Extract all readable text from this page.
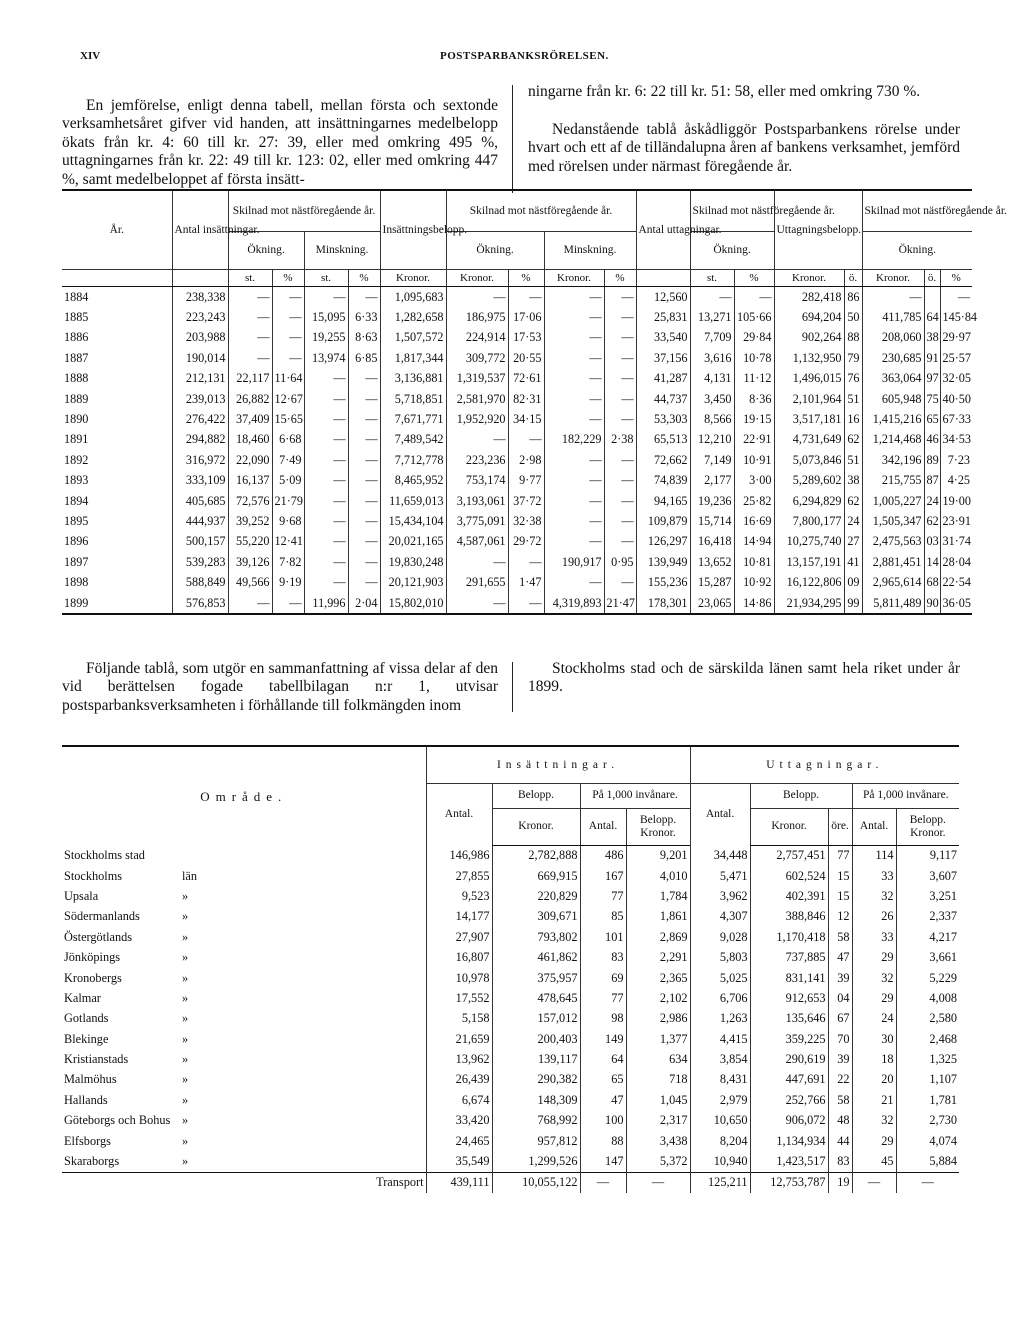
XIV	POSTSPARBANKSRÖRELSEN.
En jemförelse, enligt denna tabell, mellan första och sextonde verksamhetsåret gifver vid handen, att insättningarnes medelbelopp ökats från kr. 4: 60 till kr. 27: 39, eller med omkring 495 %, uttagningarnes från kr. 22: 49 till kr. 123: 02, eller med omkring 447 %, samt medelbeloppet af första insätt-
ningarne från kr. 6: 22 till kr. 51: 58, eller med omkring 730 %.
Nedanstående tablå åskådliggör Postsparbankens rörelse under hvart och ett af de tilländalupna åren af bankens verksamhet, jemförd med rörelsen under närmast föregående år.
År.	Antal insättningar.	Skilnad mot nästföregående år.				Insättningsbelopp.	Skilnad mot nästföregående år.				Antal uttagningar.	Skilnad mot nästföregående år.		Uttagningsbelopp.		Skilnad mot nästföregående år.		
		Ökning.		Minskning.			Ökning.		Minskning.			Ökning.				Ökning.		
		st.	%	st.	%	Kronor.	Kronor.	%	Kronor.	%		st.	%	Kronor.	ö.	Kronor.	ö.	%
1884	238,338	—	—	—	—	1,095,683	—	—	—	—	12,560	—	—	282,418	86	—		—
1885	223,243	—	—	15,095	6·33	1,282,658	186,975	17·06	—	—	25,831	13,271	105·66	694,204	50	411,785	64	145·84
1886	203,988	—	—	19,255	8·63	1,507,572	224,914	17·53	—	—	33,540	7,709	29·84	902,264	88	208,060	38	29·97
1887	190,014	—	—	13,974	6·85	1,817,344	309,772	20·55	—	—	37,156	3,616	10·78	1,132,950	79	230,685	91	25·57
1888	212,131	22,117	11·64	—	—	3,136,881	1,319,537	72·61	—	—	41,287	4,131	11·12	1,496,015	76	363,064	97	32·05
1889	239,013	26,882	12·67	—	—	5,718,851	2,581,970	82·31	—	—	44,737	3,450	8·36	2,101,964	51	605,948	75	40·50
1890	276,422	37,409	15·65	—	—	7,671,771	1,952,920	34·15	—	—	53,303	8,566	19·15	3,517,181	16	1,415,216	65	67·33
1891	294,882	18,460	6·68	—	—	7,489,542	—	—	182,229	2·38	65,513	12,210	22·91	4,731,649	62	1,214,468	46	34·53
1892	316,972	22,090	7·49	—	—	7,712,778	223,236	2·98	—	—	72,662	7,149	10·91	5,073,846	51	342,196	89	7·23
1893	333,109	16,137	5·09	—	—	8,465,952	753,174	9·77	—	—	74,839	2,177	3·00	5,289,602	38	215,755	87	4·25
1894	405,685	72,576	21·79	—	—	11,659,013	3,193,061	37·72	—	—	94,165	19,236	25·82	6,294,829	62	1,005,227	24	19·00
1895	444,937	39,252	9·68	—	—	15,434,104	3,775,091	32·38	—	—	109,879	15,714	16·69	7,800,177	24	1,505,347	62	23·91
1896	500,157	55,220	12·41	—	—	20,021,165	4,587,061	29·72	—	—	126,297	16,418	14·94	10,275,740	27	2,475,563	03	31·74
1897	539,283	39,126	7·82	—	—	19,830,248	—	—	190,917	0·95	139,949	13,652	10·81	13,157,191	41	2,881,451	14	28·04
1898	588,849	49,566	9·19	—	—	20,121,903	291,655	1·47	—	—	155,236	15,287	10·92	16,122,806	09	2,965,614	68	22·54
1899	576,853	—	—	11,996	2·04	15,802,010	—	—	4,319,893	21·47	178,301	23,065	14·86	21,934,295	99	5,811,489	90	36·05
Följande tablå, som utgör en sammanfattning af vissa delar af den vid berättelsen fogade tabellbilagan n:r 1, utvisar postsparbanksverksamheten i förhållande till folkmängden inom
Stockholms stad och de särskilda länen samt hela riket under år 1899.
Område.		Insättningar.				Uttagningar.				
		Antal.	Belopp.	På 1,000 invånare.		Antal.	Belopp.		På 1,000 invånare.	
			Kronor.	Antal.	Belopp. Kronor.		Kronor.	öre.	Antal.	Belopp. Kronor.
Stockholms stad		146,986	2,782,888	486	9,201	34,448	2,757,451	77	114	9,117
Stockholms	län	27,855	669,915	167	4,010	5,471	602,524	15	33	3,607
Upsala	»	9,523	220,829	77	1,784	3,962	402,391	15	32	3,251
Södermanlands	»	14,177	309,671	85	1,861	4,307	388,846	12	26	2,337
Östergötlands	»	27,907	793,802	101	2,869	9,028	1,170,418	58	33	4,217
Jönköpings	»	16,807	461,862	83	2,291	5,803	737,885	47	29	3,661
Kronobergs	»	10,978	375,957	69	2,365	5,025	831,141	39	32	5,229
Kalmar	»	17,552	478,645	77	2,102	6,706	912,653	04	29	4,008
Gotlands	»	5,158	157,012	98	2,986	1,263	135,646	67	24	2,580
Blekinge	»	21,659	200,403	149	1,377	4,415	359,225	70	30	2,468
Kristianstads	»	13,962	139,117	64	634	3,854	290,619	39	18	1,325
Malmöhus	»	26,439	290,382	65	718	8,431	447,691	22	20	1,107
Hallands	»	6,674	148,309	47	1,045	2,979	252,766	58	21	1,781
Göteborgs och Bohus	»	33,420	768,992	100	2,317	10,650	906,072	48	32	2,730
Elfsborgs	»	24,465	957,812	88	3,438	8,204	1,134,934	44	29	4,074
Skaraborgs	»	35,549	1,299,526	147	5,372	10,940	1,423,517	83	45	5,884
	Transport	439,111	10,055,122	—	—	125,211	12,753,787	19	—	—
